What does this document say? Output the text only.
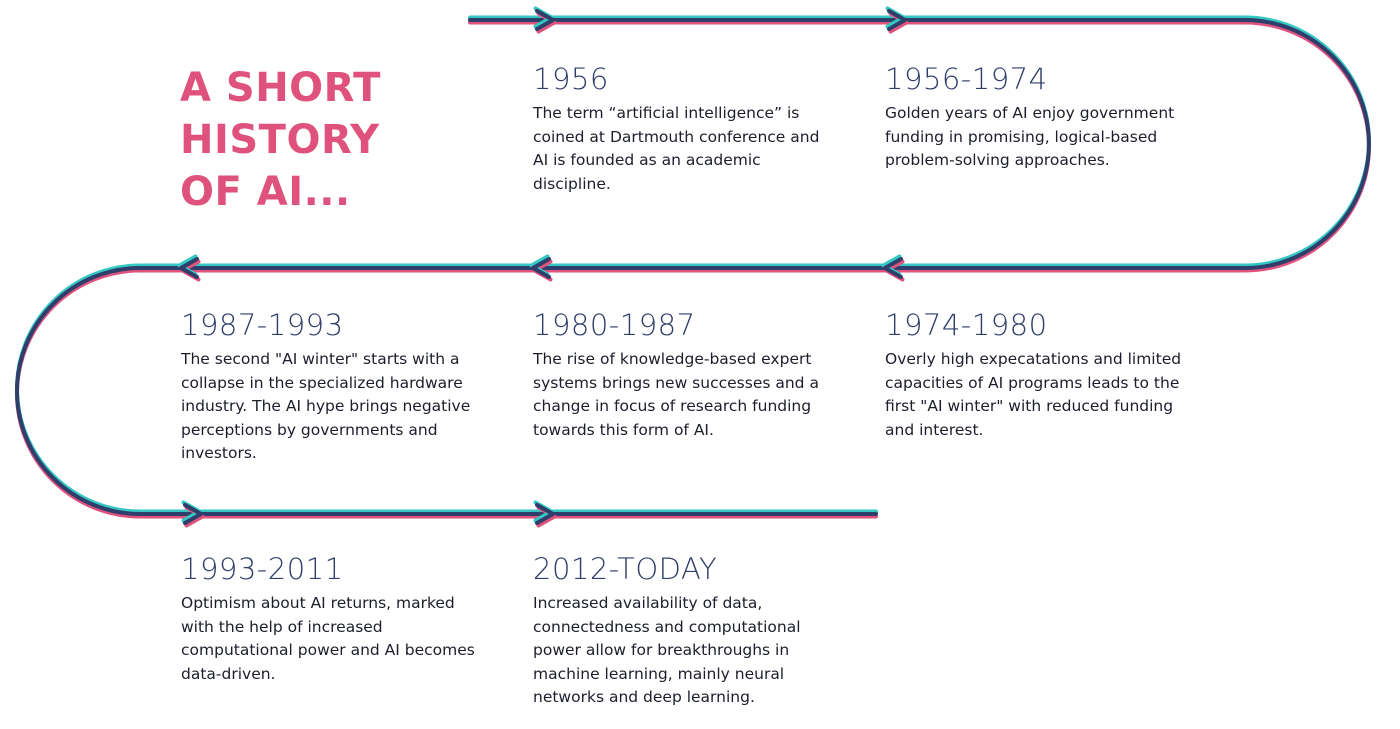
A SHORT
HISTORY
OF AI...
1956

The term “artificial intelligence” is coined at Dartmouth conference and AI is founded as an academic discipline.

1956-1974

Golden years of AI enjoy government funding in promising, logical-based problem-solving approaches.

1974-1980

Overly high expecatations and limited capacities of AI programs leads to the first "AI winter" with reduced funding and interest.

1980-1987

The rise of knowledge-based expert systems brings new successes and a change in focus of research funding towards this form of AI.

1987-1993

The second "AI winter" starts with a collapse in the specialized hardware industry. The AI hype brings negative perceptions by governments and investors.

1993-2011

Optimism about AI returns, marked with the help of increased computational power and AI becomes data-driven.

2012-TODAY

Increased availability of data, connectedness and computational power allow for breakthroughs in machine learning, mainly neural networks and deep learning.
